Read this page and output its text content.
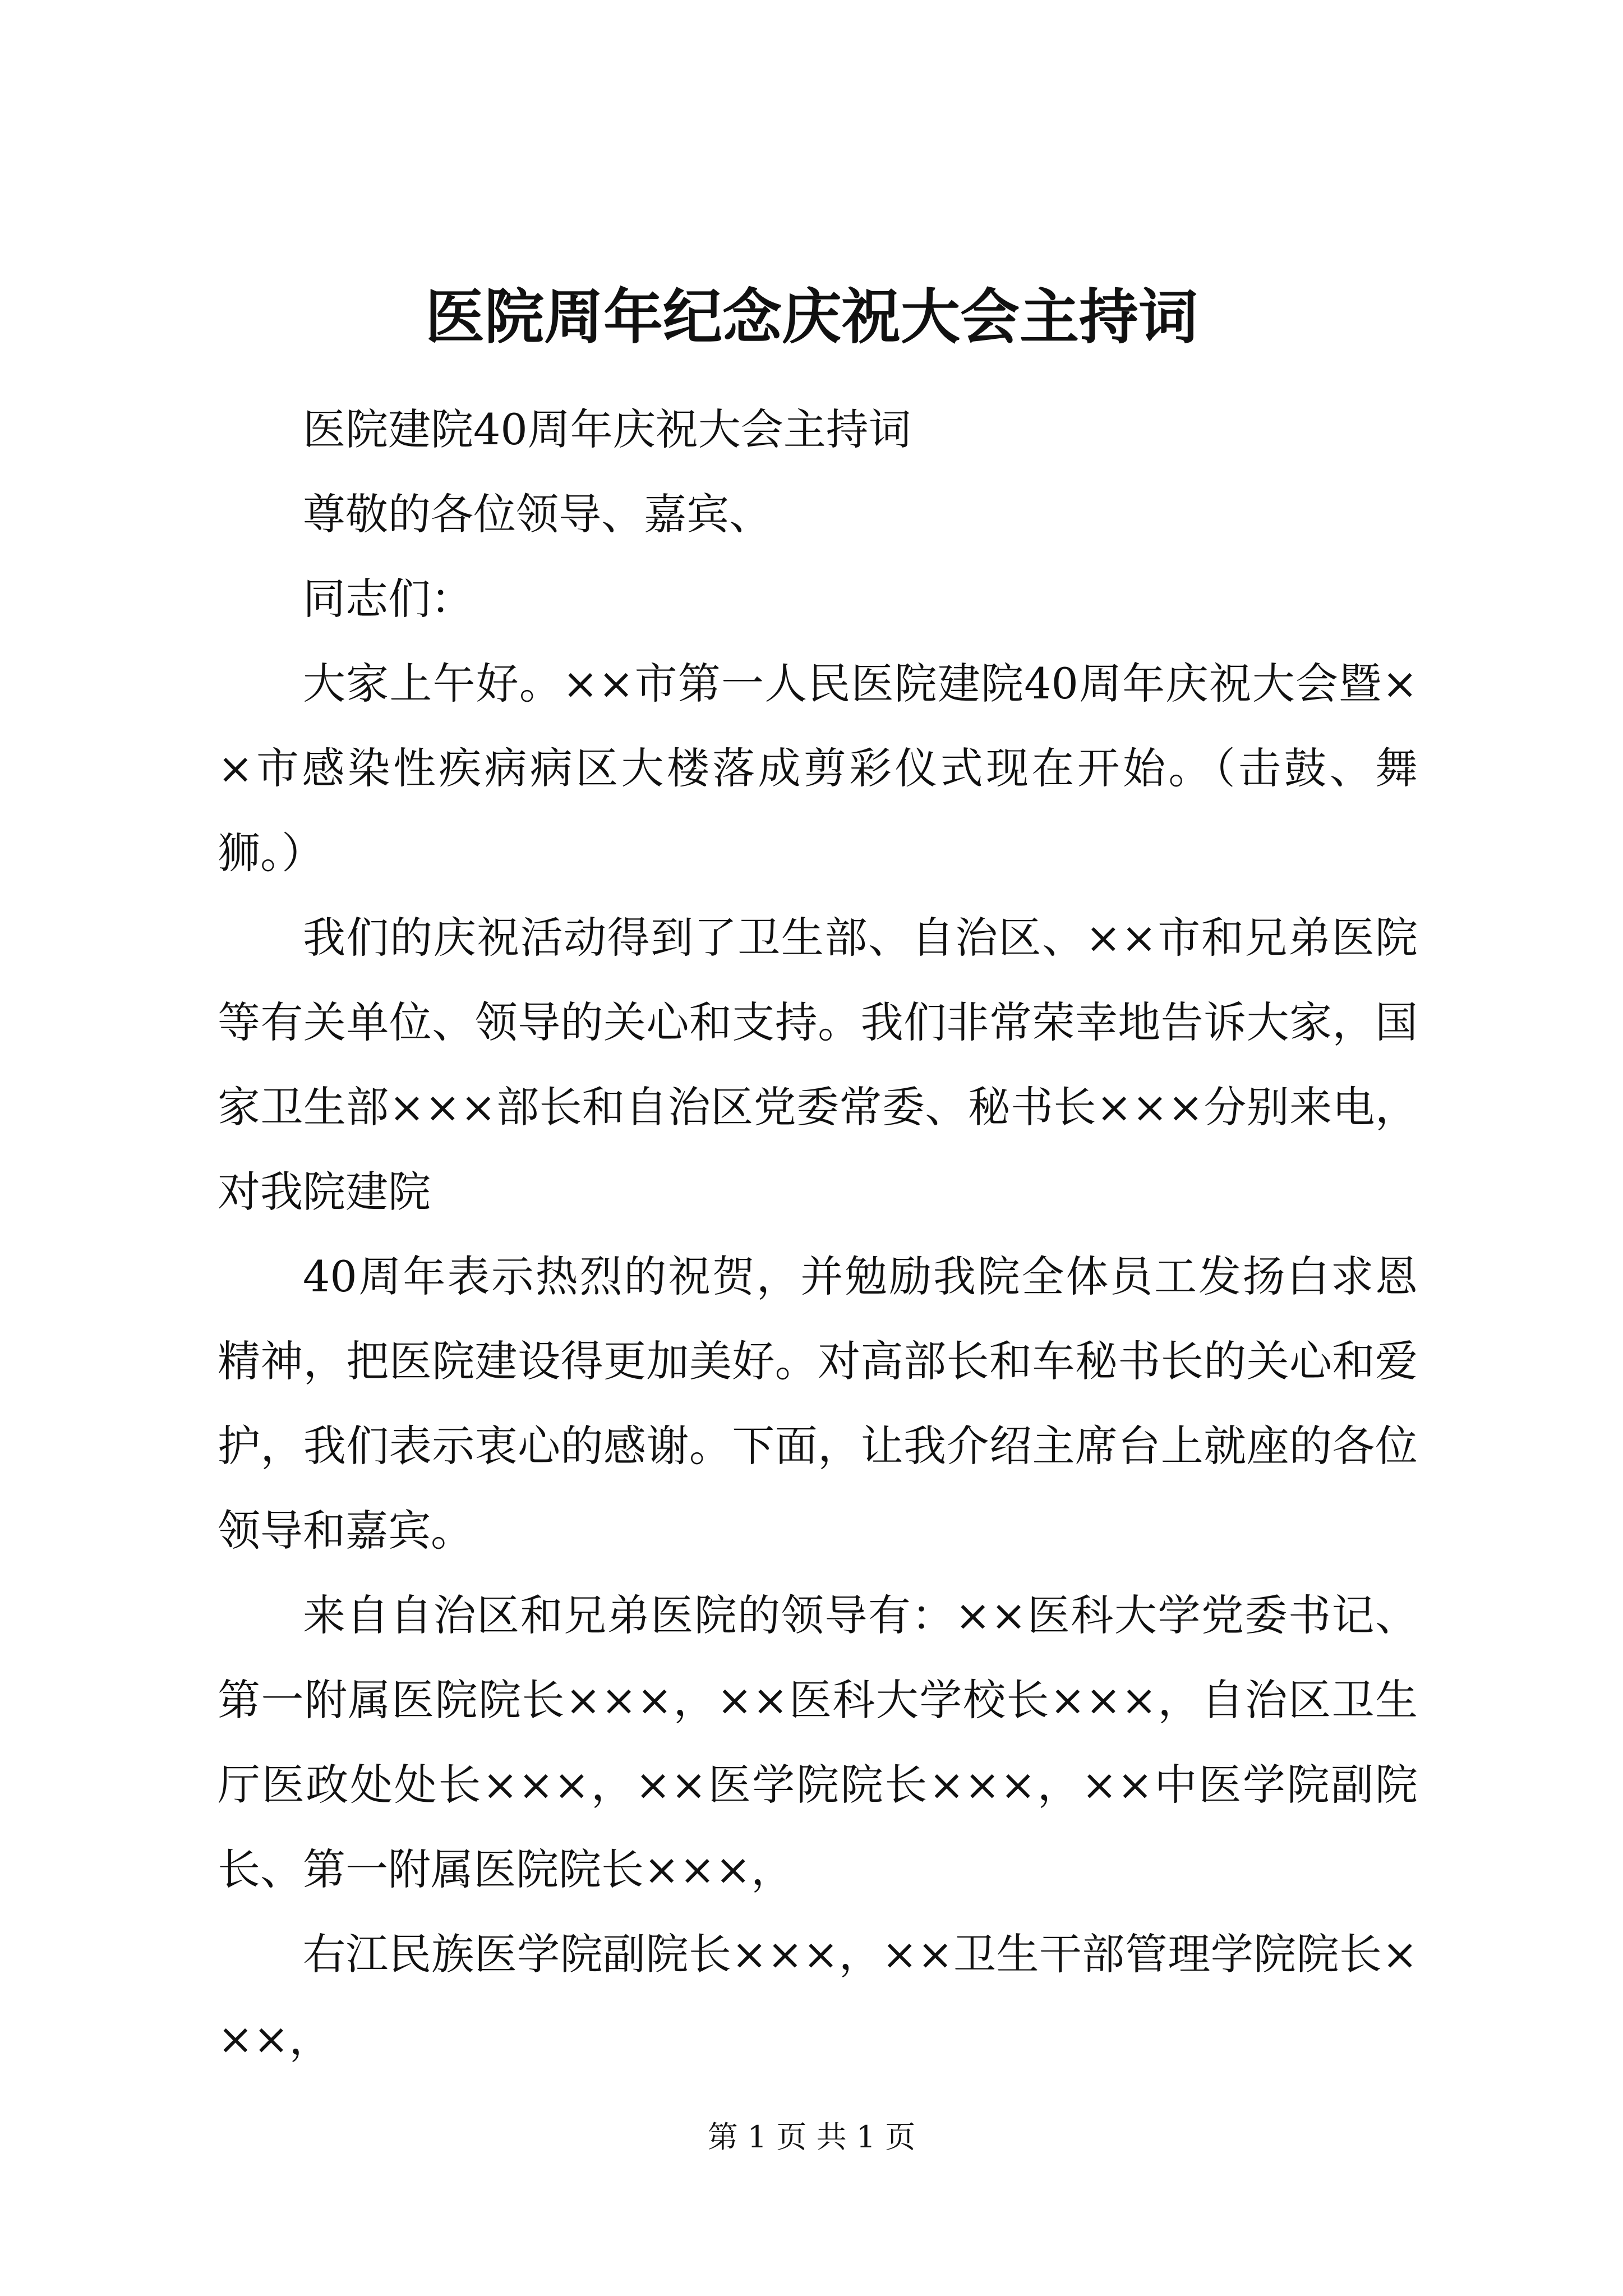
医院周年纪念庆祝大会主持词

医院建院40周年庆祝大会主持词

尊敬的各位领导、嘉宾、

同志们：

大家上午好。××市第一人民医院建院40周年庆祝大会暨××市感染性疾病病区大楼落成剪彩仪式现在开始。（击鼓、舞狮。）

我们的庆祝活动得到了卫生部、自治区、××市和兄弟医院等有关单位、领导的关心和支持。我们非常荣幸地告诉大家，国家卫生部×××部长和自治区党委常委、秘书长×××分别来电，对我院建院

40周年表示热烈的祝贺，并勉励我院全体员工发扬白求恩精神，把医院建设得更加美好。对高部长和车秘书长的关心和爱护，我们表示衷心的感谢。下面，让我介绍主席台上就座的各位领导和嘉宾。

来自自治区和兄弟医院的领导有：××医科大学党委书记、第一附属医院院长×××，××医科大学校长×××，自治区卫生厅医政处处长×××，××医学院院长×××，××中医学院副院长、第一附属医院院长×××，

右江民族医学院副院长×××，××卫生干部管理学院院长×××，

第 1 页 共 1 页
